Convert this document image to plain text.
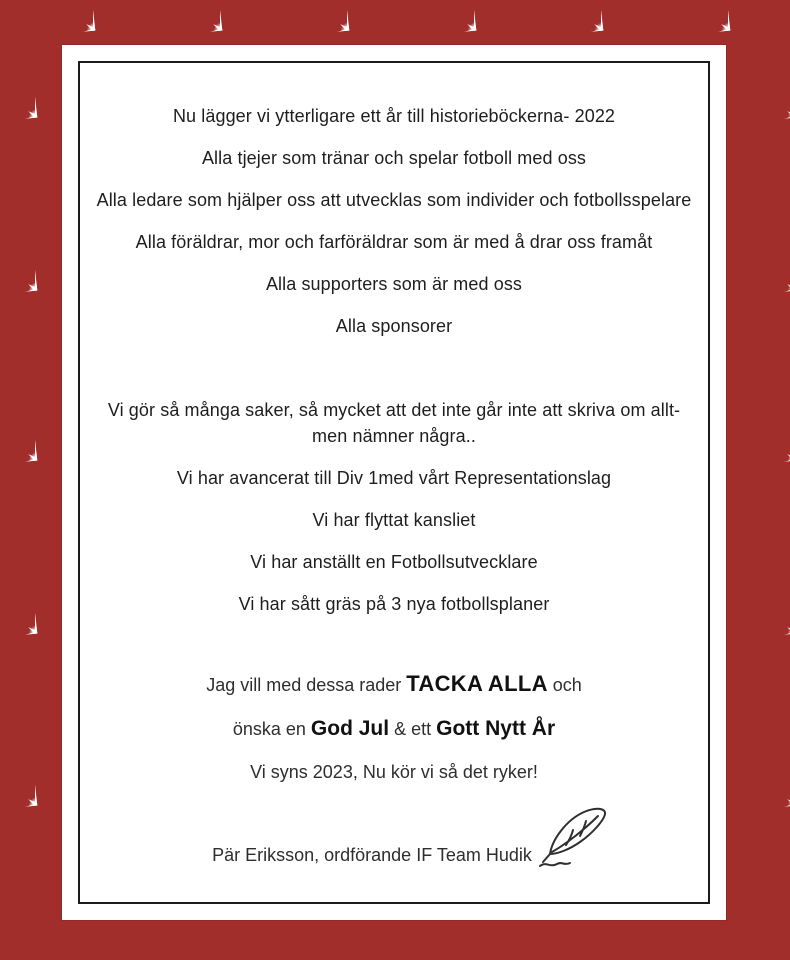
Nu lägger vi ytterligare ett år till historieböckerna- 2022

Alla tjejer som tränar och spelar fotboll med oss

Alla ledare som hjälper oss att utvecklas som individer och fotbollsspelare

Alla föräldrar, mor och farföräldrar som är med å drar oss framåt

Alla supporters som är med oss

Alla sponsorer

Vi gör så många saker, så mycket att det inte går inte att skriva om allt- men nämner några..

Vi har avancerat till Div 1med vårt Representationslag

Vi har flyttat kansliet

Vi har anställt en Fotbollsutvecklare

Vi har sått gräs på 3 nya fotbollsplaner

Jag vill med dessa rader TACKA ALLA och

önska en God Jul & ett Gott Nytt År

Vi syns 2023, Nu kör vi så det ryker!

Pär Eriksson, ordförande IF Team Hudik
